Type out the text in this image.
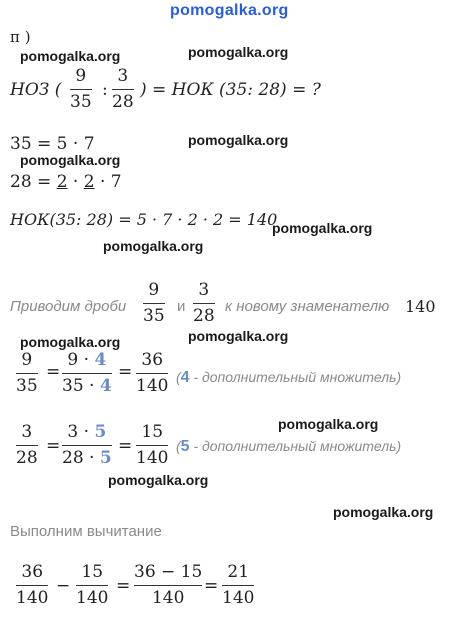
pomogalka.org
п )
pomogalka.org	pomogalka.org
НОЗ (
9
35
:
3
28
) = НОК (35: 28) = ?
pomogalka.org
35 = 5 · 7
pomogalka.org
28 = 2 · 2 · 7
НОК(35: 28) = 5 · 7 · 2 · 2 = 140
pomogalka.org
pomogalka.org
Приводим дроби
9
35 и
3
28 к новому знаменателю 140
pomogalka.org
pomogalka.org
9
35
=
9 · 4
35 · 4
=
36
140 (4 - дополнительный множитель)
pomogalka.org
3
28
=
3 · 5
28 · 5
=
15
140
(5 - дополнительный множитель)
pomogalka.org
pomogalka.org
Выполним вычитание
36
140
−
15
140
=
36 − 15
140
=
21
140
